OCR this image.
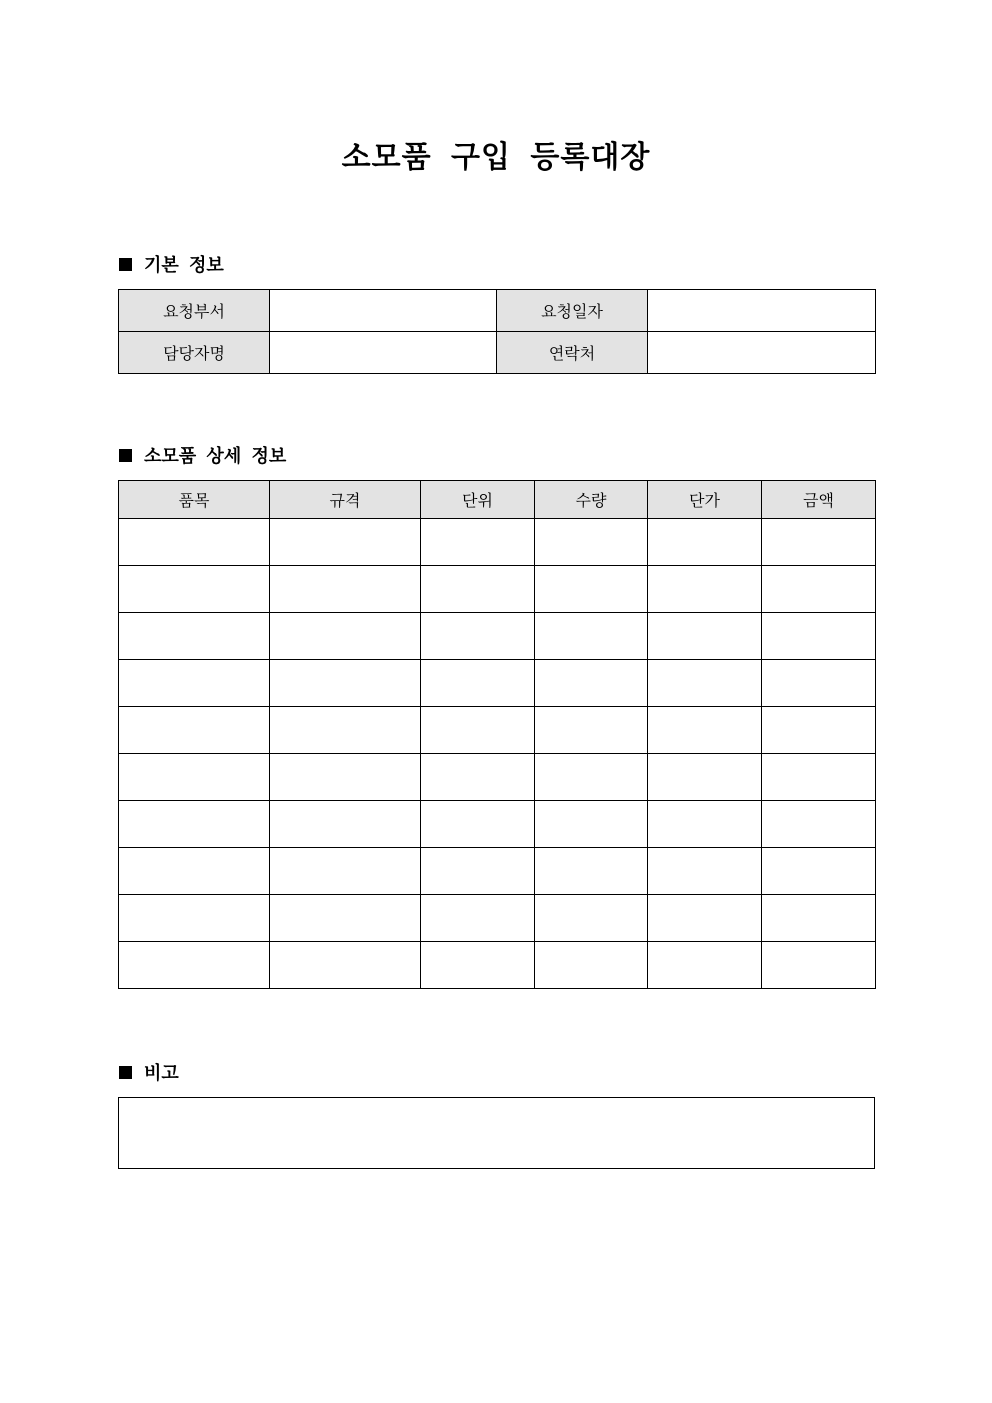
소모품 구입 등록대장
기본 정보
요청부서		요청일자	
담당자명		연락처	
소모품 상세 정보
품목	규격	단위	수량	단가	금액

비고
